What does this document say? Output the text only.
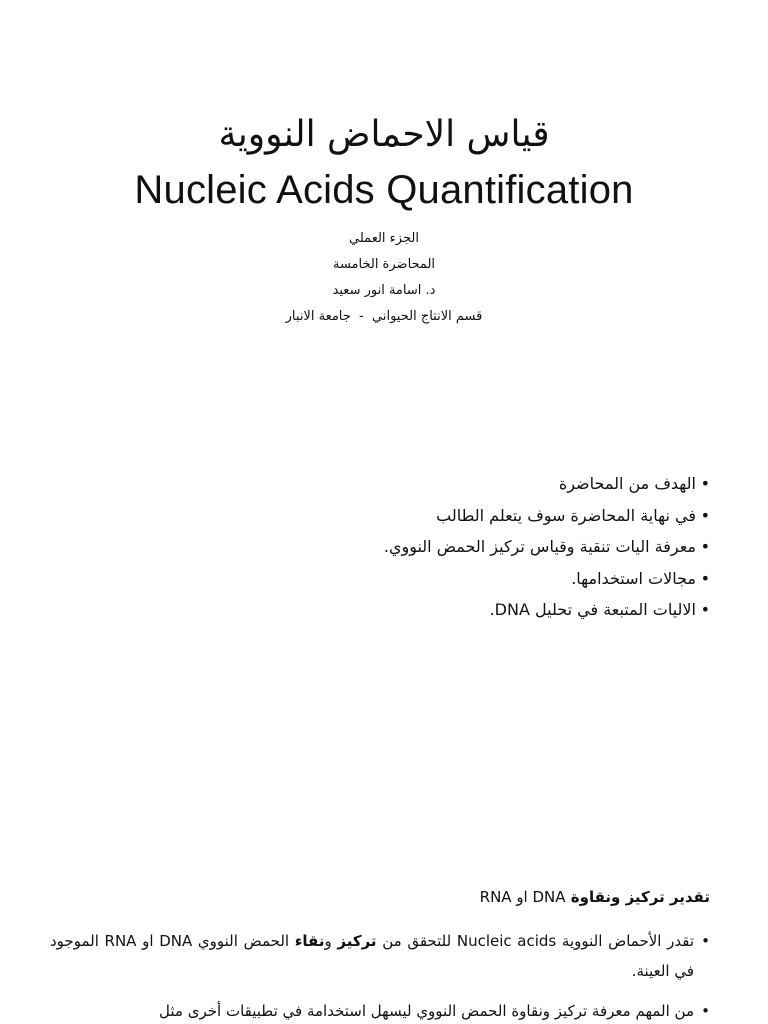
قياس الاحماض النووية
Nucleic Acids Quantification
الجزء العملي
المحاضرة الخامسة
د. اسامة انور سعيد
قسم الانتاج الحيواني  -  جامعة الانبار
•
الهدف من المحاضرة
•
في نهاية المحاضرة سوف يتعلم الطالب
•
معرفة اليات تنقية وقياس تركيز الحمض النووي.
•
مجالات استخدامها.
•
الاليات المتبعة في تحليل DNA.
تقدير تركيز ونقاوة DNA او RNA
•
تقدر الأحماض النووية Nucleic acids للتحقق من تركيز ونقاء الحمض النووي DNA او RNA الموجود في العينة.
•
من المهم معرفة تركيز ونقاوة الحمض النووي ليسهل استخدامة في تطبيقات أخرى مثل
